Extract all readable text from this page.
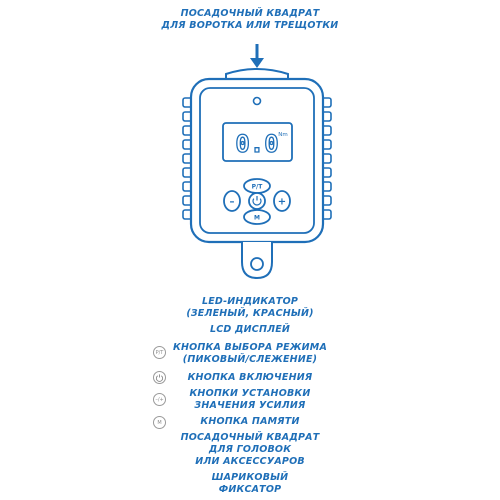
ПОСАДОЧНЫЙ КВАДРАТ
ДЛЯ ВОРОТКА ИЛИ ТРЕЩОТКИ
0.0 Nm
P/T
–	+
M
LED-ИНДИКАТОР
(ЗЕЛЕНЫЙ, КРАСНЫЙ)
LCD ДИСПЛЕЙ
P/T	КНОПКА ВЫБОРА РЕЖИМА
(ПИКОВЫЙ/СЛЕЖЕНИЕ)
КНОПКА ВКЛЮЧЕНИЯ
–/+
КНОПКИ УСТАНОВКИ
ЗНАЧЕНИЯ УСИЛИЯ
M	КНОПКА ПАМЯТИ
ПОСАДОЧНЫЙ КВАДРАТ
ДЛЯ ГОЛОВОК
ИЛИ АКСЕССУАРОВ
ШАРИКОВЫЙ
ФИКСАТОР
